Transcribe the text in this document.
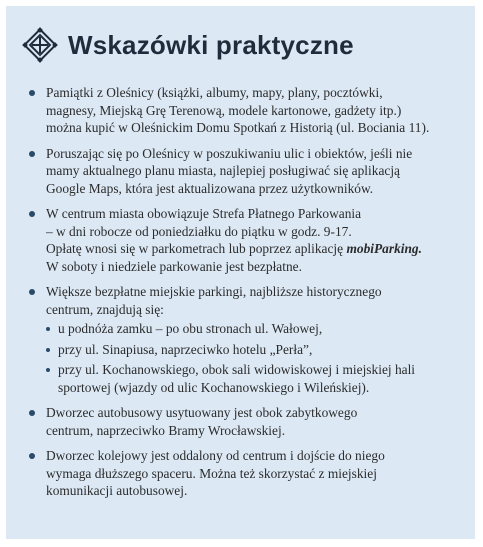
Wskazówki praktyczne
Pamiątki z Oleśnicy (książki, albumy, mapy, plany, pocztówki,
magnesy, Miejską Grę Terenową, modele kartonowe, gadżety itp.)
można kupić w Oleśnickim Domu Spotkań z Historią (ul. Bociania 11).
Poruszając się po Oleśnicy w poszukiwaniu ulic i obiektów, jeśli nie
mamy aktualnego planu miasta, najlepiej posługiwać się aplikacją
Google Maps, która jest aktualizowana przez użytkowników.
W centrum miasta obowiązuje Strefa Płatnego Parkowania
– w dni robocze od poniedziałku do piątku w godz. 9-17.
Opłatę wnosi się w parkometrach lub poprzez aplikację mobiParking.
W soboty i niedziele parkowanie jest bezpłatne.
Większe bezpłatne miejskie parkingi, najbliższe historycznego
centrum, znajdują się:
u podnóża zamku – po obu stronach ul. Wałowej,
przy ul. Sinapiusa, naprzeciwko hotelu „Perła”,
przy ul. Kochanowskiego, obok sali widowiskowej i miejskiej hali
sportowej (wjazdy od ulic Kochanowskiego i Wileńskiej).
Dworzec autobusowy usytuowany jest obok zabytkowego
centrum, naprzeciwko Bramy Wrocławskiej.
Dworzec kolejowy jest oddalony od centrum i dojście do niego
wymaga dłuższego spaceru. Można też skorzystać z miejskiej
komunikacji autobusowej.
